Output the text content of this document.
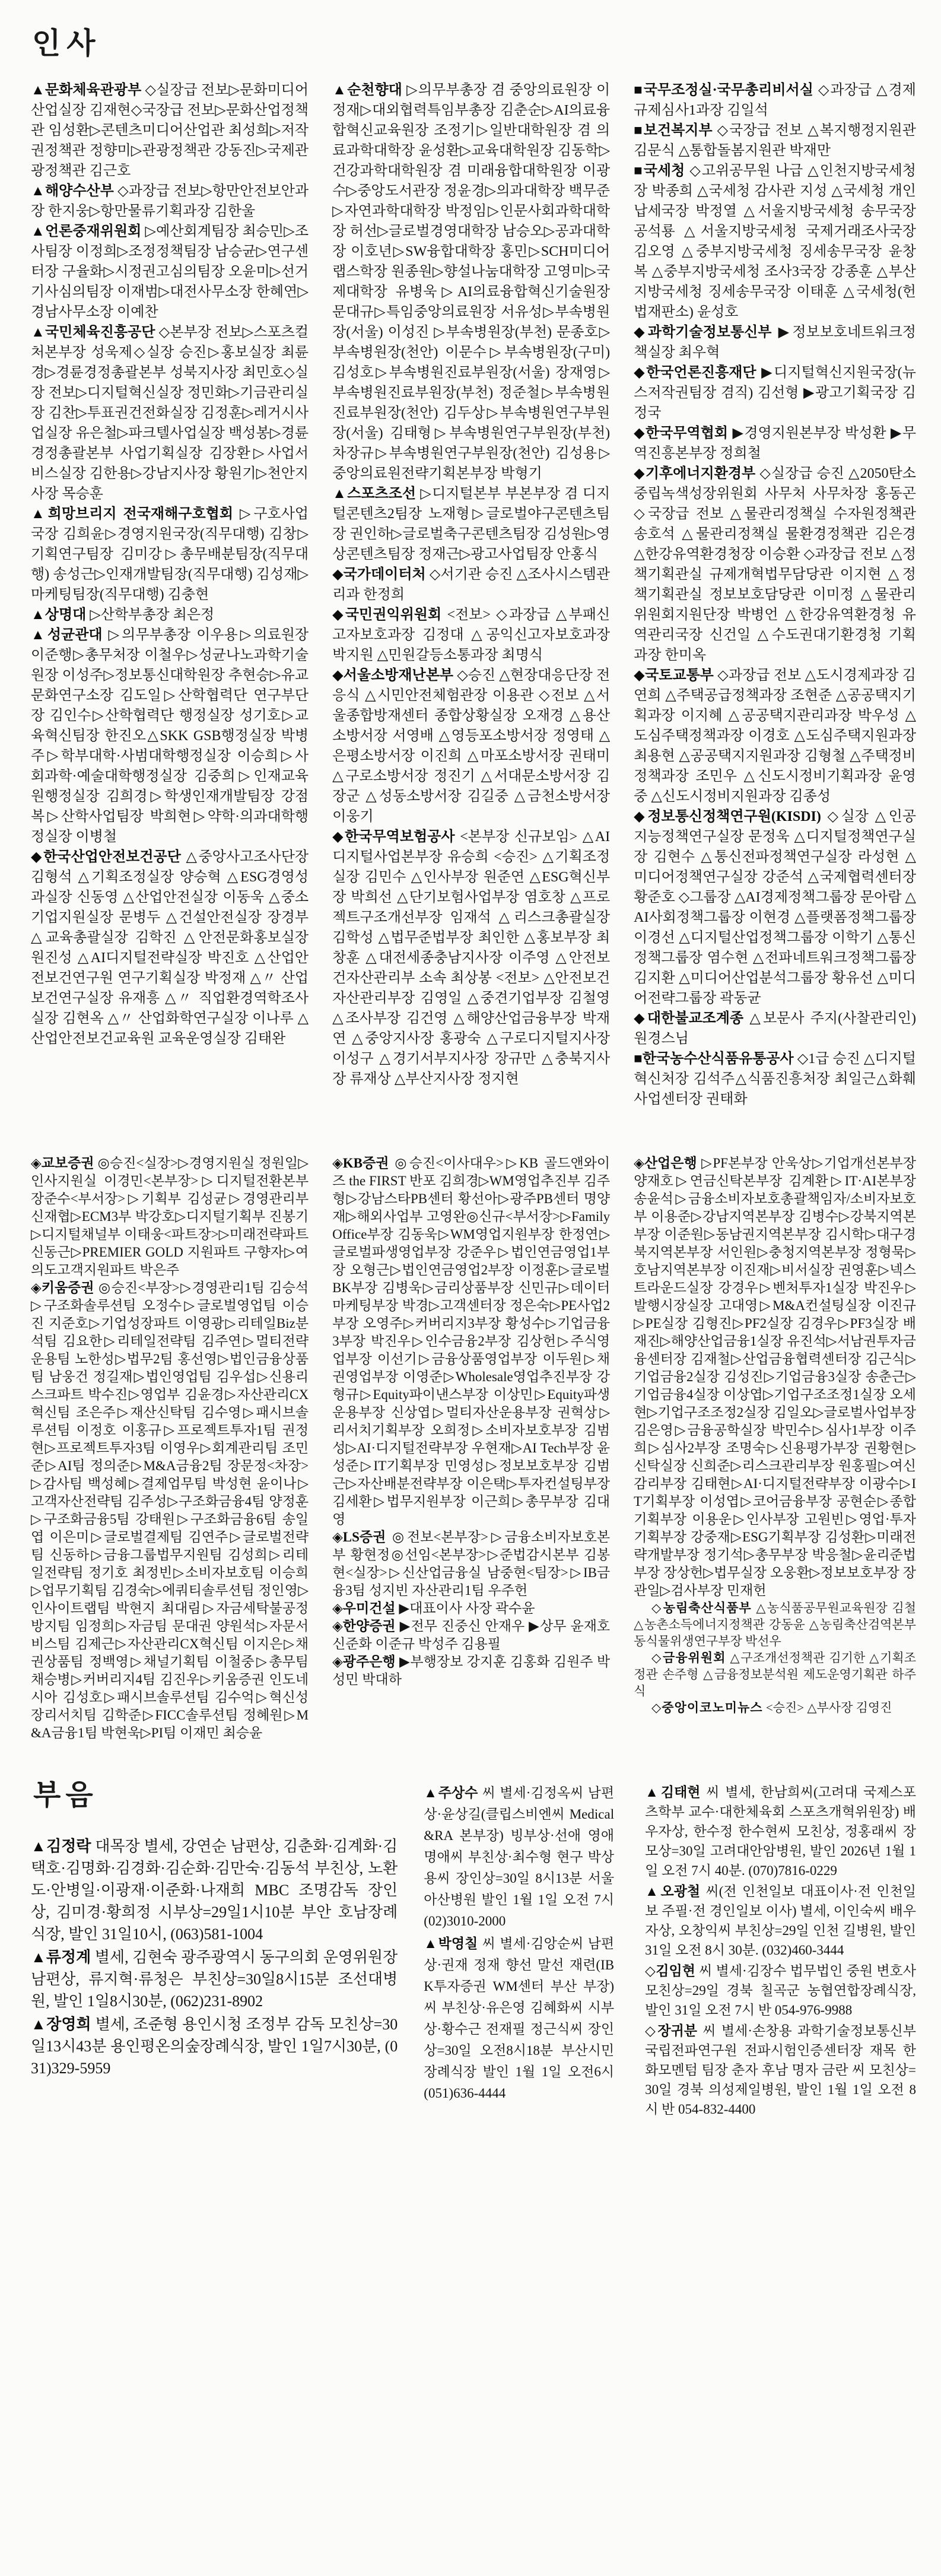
인사

▲문화체육관광부 ◇실장급 전보▷문화미디어산업실장 김재현◇국장급 전보▷문화산업정책관 임성환▷콘텐츠미디어산업관 최성희▷저작권정책관 정향미▷관광정책관 강동진▷국제관광정책관 김근호

▲해양수산부 ◇과장급 전보▷항만안전보안과장 한지웅▷항만물류기획과장 김한울

▲언론중재위원회 ▷예산회계팀장 최승민▷조사팀장 이정희▷조정정책팀장 남승균▷연구센터장 구율화▷시정권고심의팀장 오윤미▷선거기사심의팀장 이재범▷대전사무소장 한혜연▷경남사무소장 이예찬

▲국민체육진흥공단 ◇본부장 전보▷스포츠컬처본부장 성욱제◇실장 승진▷홍보실장 최륜경▷경륜경정총괄본부 성북지사장 최민호◇실장 전보▷디지털혁신실장 정민화▷기금관리실장 김찬▷투표권건전화실장 김정훈▷레거시사업실장 유은철▷파크텔사업실장 백성봉▷경륜경정총괄본부 사업기획실장 김장환▷사업서비스실장 김한용▷강남지사장 황원기▷천안지사장 목승훈

▲희망브리지 전국재해구호협회 ▷구호사업국장 김희윤▷경영지원국장(직무대행) 김창▷기획연구팀장 김미강▷총무배분팀장(직무대행) 송성근▷인재개발팀장(직무대행) 김성재▷마케팅팀장(직무대행) 김충현

▲상명대 ▷산학부총장 최은정

▲성균관대 ▷의무부총장 이우용▷의료원장 이준행▷총무처장 이철우▷성균나노과학기술원장 이성주▷정보통신대학원장 추현승▷유교문화연구소장 김도일▷산학협력단 연구부단장 김인수▷산학협력단 행정실장 성기호▷교육혁신팀장 한진오△SKK GSB행정실장 박병주▷학부대학·사범대학행정실장 이승희▷사회과학·예술대학행정실장 김중희▷인재교육원행정실장 김희경▷학생인재개발팀장 강점복▷산학사업팀장 박희현▷약학·의과대학행정실장 이병철

◆한국산업안전보건공단 △중앙사고조사단장 김형석 △기획조정실장 양승혁 △ESG경영성과실장 신동영 △산업안전실장 이동욱 △중소기업지원실장 문병두 △건설안전실장 장경부 △교육총괄실장 김학진 △안전문화홍보실장 원진성 △AI디지털전략실장 박진호 △산업안전보건연구원 연구기획실장 박정재 △〃 산업보건연구실장 유재흥 △〃 직업환경역학조사실장 김현옥 △〃 산업화학연구실장 이나루 △산업안전보건교육원 교육운영실장 김태완

▲순천향대 ▷의무부총장 겸 중앙의료원장 이정재▷대외협력특임부총장 김춘순▷AI의료융합혁신교육원장 조정기▷일반대학원장 겸 의료과학대학장 윤성환▷교육대학원장 김동학▷건강과학대학원장 겸 미래융합대학원장 이광수▷중앙도서관장 정윤경▷의과대학장 백무준 ▷자연과학대학장 박정임▷인문사회과학대학장 허선▷글로벌경영대학장 남승오▷공과대학장 이호년▷SW융합대학장 홍민▷SCH미디어랩스학장 원종원▷향설나눔대학장 고영미▷국제대학장 유병욱▷AI의료융합혁신기술원장 문대규▷특임중앙의료원장 서유성▷부속병원장(서울) 이성진 ▷부속병원장(부천) 문종호▷부속병원장(천안) 이문수▷부속병원장(구미) 김성호▷부속병원진료부원장(서울) 장재영▷부속병원진료부원장(부천) 정준철▷부속병원진료부원장(천안) 김두상▷부속병원연구부원장(서울) 김태형▷부속병원연구부원장(부천) 차장규▷부속병원연구부원장(천안) 김성용▷중앙의료원전략기획본부장 박형기

▲스포츠조선 ▷디지털본부 부본부장 겸 디지털콘텐츠2팀장 노재형▷글로벌야구콘텐츠팀장 권인하▷글로벌축구콘텐츠팀장 김성원▷영상콘텐츠팀장 정재근▷광고사업팀장 안홍식

◆국가데이터처 ◇서기관 승진 △조사시스템관리과 한정희

◆국민권익위원회 <전보> ◇과장급 △부패신고자보호과장 김정대 △공익신고자보호과장 박지원 △민원갈등소통과장 최명식

◆서울소방재난본부 ◇승진 △현장대응단장 전응식 △시민안전체험관장 이용관 ◇전보 △서울종합방재센터 종합상황실장 오재경 △용산소방서장 서영배 △영등포소방서장 정영태 △은평소방서장 이진희 △마포소방서장 권태미 △구로소방서장 정진기 △서대문소방서장 김장군 △성동소방서장 김길중 △금천소방서장 이웅기

◆한국무역보험공사 <본부장 신규보임> △AI디지털사업본부장 유승희 <승진> △기획조정실장 김민수 △인사부장 원준연 △ESG혁신부장 박희선 △단기보험사업부장 염호창 △프로젝트구조개선부장 임재석 △리스크총괄실장 김학성 △법무준법부장 최인한 △홍보부장 최창훈 △대전세종충남지사장 이주영 △안전보건자산관리부 소속 최상봉 <전보> △안전보건자산관리부장 김영일 △중견기업부장 김철영 △조사부장 김건영 △해양산업금융부장 박재연 △중앙지사장 홍광숙 △구로디지털지사장 이성구 △경기서부지사장 장규만 △충북지사장 류재상 △부산지사장 정지현

■국무조정실·국무총리비서실 ◇과장급 △경제규제심사1과장 김일석

■보건복지부 ◇국장급 전보 △복지행정지원관 김문식 △통합돌봄지원관 박재만

■국세청 ◇고위공무원 나급 △인천지방국세청장 박종희 △국세청 감사관 지성 △국세청 개인납세국장 박정열 △서울지방국세청 송무국장 공석룡 △서울지방국세청 국제거래조사국장 김오영 △중부지방국세청 징세송무국장 윤창복 △중부지방국세청 조사3국장 강종훈 △부산지방국세청 징세송무국장 이태훈 △국세청(헌법재판소) 윤성호

◆과학기술정보통신부 ▶정보보호네트워크정책실장 최우혁

◆한국언론진흥재단 ▶디지털혁신지원국장(뉴스저작권팀장 겸직) 김선형 ▶광고기획국장 김정국

◆한국무역협회 ▶경영지원본부장 박성환 ▶무역진흥본부장 정희철

◆기후에너지환경부 ◇실장급 승진 △2050탄소중립녹색성장위원회 사무처 사무차장 홍동곤 ◇국장급 전보 △물관리정책실 수자원정책관 송호석 △물관리정책실 물환경정책관 김은경 △한강유역환경청장 이승환 ◇과장급 전보 △정책기획관실 규제개혁법무담당관 이지현 △정책기획관실 정보보호담당관 이미정 △물관리위원회지원단장 박병언 △한강유역환경청 유역관리국장 신건일 △수도권대기환경청 기획과장 한미옥

◆국토교통부 ◇과장급 전보 △도시경제과장 김연희 △주택공급정책과장 조현준 △공공택지기획과장 이지혜 △공공택지관리과장 박우성 △도심주택정책과장 이경호 △도심주택지원과장 최용현 △공공택지지원과장 김형철 △주택정비정책과장 조민우 △신도시정비기획과장 윤영중 △신도시정비지원과장 김종성

◆정보통신정책연구원(KISDI) ◇실장 △인공지능정책연구실장 문정욱 △디지털정책연구실장 김현수 △통신전파정책연구실장 라성현 △미디어정책연구실장 강준석 △국제협력센터장 황준호 ◇그룹장 △AI경제정책그룹장 문아람 △AI사회정책그룹장 이현경 △플랫폼정책그룹장 이경선 △디지털산업정책그룹장 이학기 △통신정책그룹장 염수현 △전파네트워크정책그룹장 김지환 △미디어산업분석그룹장 황유선 △미디어전략그룹장 곽동균

◆대한불교조계종 △보문사 주지(사찰관리인) 원경스님

■한국농수산식품유통공사 ◇1급 승진 △디지털혁신처장 김석주△식품진흥처장 최일근△화훼사업센터장 권태화

◈교보증권 ◎승진<실장>▷경영지원실 정원일▷인사지원실 이경민<본부장>▷디지털전환본부 장준수<부서장>▷기획부 김성균▷경영관리부 신재협▷ECM3부 박강호▷디지털기획부 진봉기▷디지털채널부 이태웅<파트장>▷미래전략파트 신동근▷PREMIER GOLD 지원파트 구향자▷여의도고객지원파트 박은주

◈키움증권 ◎승진<부장>▷경영관리1팀 김승석▷구조화솔루션팀 오정수▷글로벌영업팀 이승진 지준호▷기업성장파트 이영광▷리테일Biz분석팀 김요한▷리테일전략팀 김주연▷멀티전략운용팀 노한성▷법무2팀 홍선영▷법인금융상품팀 남웅건 정길재▷법인영업팀 김우섭▷신용리스크파트 박수진▷영업부 김윤경▷자산관리CX혁신팀 조은주▷재산신탁팀 김수영▷패시브솔루션팀 이정호 이홍규▷프로젝트투자1팀 권정현▷프로젝트투자3팀 이영우▷회계관리팀 조민준▷AI팀 정의준▷M&A금융2팀 장문정<차장>▷감사팀 백성혜▷결제업무팀 박성현 윤이나▷고객자산전략팀 김주성▷구조화금융4팀 양정훈▷구조화금융5팀 강태원▷구조화금융6팀 송일엽 이은미▷글로벌결제팀 김연주▷글로벌전략팀 신동하▷금융그룹법무지원팀 김성희▷리테일전략팀 정기호 최정빈▷소비자보호팀 이승희▷업무기획팀 김경숙▷에쿼티솔루션팀 정인영▷인사이트랩팀 박현지 최대림▷자금세탁불공정방지팀 임정희▷자금팀 문대권 양원석▷자문서비스팀 김제근▷자산관리CX혁신팀 이지은▷채권상품팀 정백영▷채널기획팀 이철중▷총무팀 채승병▷커버리지4팀 김진우▷키움증권 인도네시아 김성호▷패시브솔루션팀 김수억▷혁신성장리서치팀 김학준▷FICC솔루션팀 정혜원▷M&A금융1팀 박현욱▷PI팀 이재민 최승윤

◈KB증권 ◎승진<이사대우>▷KB 골드앤와이즈 the FIRST 반포 김희경▷WM영업추진부 김주형▷강남스타PB센터 황선아▷광주PB센터 명양재▷해외사업부 고영완◎신규<부서장>▷Family Office부장 김동욱▷WM영업지원부장 한정연▷글로벌파생영업부장 강준우▷법인연금영업1부장 오형근▷법인연금영업2부장 이정훈▷글로벌BK부장 김병욱▷금리상품부장 신민규▷데이터마케팅부장 박경▷고객센터장 정은숙▷PE사업2부장 오영주▷커버리지3부장 황성수▷기업금융3부장 박진우▷인수금융2부장 김상헌▷주식영업부장 이선기▷금융상품영업부장 이두원▷채권영업부장 이영준▷Wholesale영업추진부장 강형규▷Equity파이낸스부장 이상민▷Equity파생운용부장 신상엽▷멀티자산운용부장 권혁상▷리서치기획부장 오희정▷소비자보호부장 김범성▷AI·디지털전략부장 우현재▷AI Tech부장 윤성준▷IT기획부장 민영성▷정보보호부장 김범근▷자산배분전략부장 이은택▷투자컨설팅부장 김세환▷법무지원부장 이근희▷총무부장 김대영

◈LS증권 ◎전보<본부장>▷금융소비자보호본부 황현정◎선임<본부장>▷준법감시본부 김봉현<실장>▷신산업금융실 남중현<팀장>▷IB금융3팀 성지빈 자산관리1팀 우주헌

◈우미건설 ▶대표이사 사장 곽수윤

◈한양증권 ▶전무 진중신 안재우 ▶상무 윤재호 신준화 이준규 박성주 김용필

◈광주은행 ▶부행장보 강지훈 김홍화 김원주 박성민 박대하

◈산업은행 ▷PF본부장 안욱상▷기업개선본부장 양재호▷연금신탁본부장 김계환▷IT·AI본부장 송윤석▷금융소비자보호총괄책임자/소비자보호부 이용준▷강남지역본부장 김병수▷강북지역본부장 이준원▷동남권지역본부장 김시학▷대구경북지역본부장 서인원▷충청지역본부장 정형묵▷호남지역본부장 이진재▷비서실장 권영훈▷넥스트라운드실장 강경우▷벤처투자1실장 박진우▷발행시장실장 고대영▷M&A컨설팅실장 이진규▷PE실장 김형진▷PF2실장 김경우▷PF3실장 배재진▷해양산업금융1실장 유진석▷서남권투자금융센터장 김재철▷산업금융협력센터장 김근식▷기업금융2실장 김성진▷기업금융3실장 송춘근▷기업금융4실장 이상엽▷기업구조조정1실장 오세현▷기업구조조정2실장 김일오▷글로벌사업부장 김은영▷금융공학실장 박민수▷심사1부장 이주희▷심사2부장 조명숙▷신용평가부장 권황현▷신탁실장 신희준▷리스크관리부장 원홍필▷여신감리부장 김태현▷AI·디지털전략부장 이광수▷IT기획부장 이성엽▷코어금융부장 공현순▷종합기획부장 이용운▷인사부장 고원빈▷영업·투자기획부장 강중재▷ESG기획부장 김성환▷미래전략개발부장 정기석▷총무부장 박응철▷윤리준법부장 장상헌▷법무실장 오웅환▷정보보호부장 장관일▷검사부장 민재헌

◇농림축산식품부 △농식품공무원교육원장 김철 △농촌소득에너지정책관 강동윤 △농림축산검역본부 동식물위생연구부장 박선우

◇금융위원회 △구조개선정책관 김기한 △기획조정관 손주형 △금융정보분석원 제도운영기획관 하주식

◇중앙이코노미뉴스 <승진> △부사장 김영진

부음

▲김정락 대목장 별세, 강연순 남편상, 김춘화·김계화·김택호·김명화·김경화·김순화·김만숙·김동석 부친상, 노환도·안병일·이광재·이준화·나재희 MBC 조명감독 장인상, 김미경·황희정 시부상=29일1시10분 부안 호남장례식장, 발인 31일10시, (063)581-1004

▲류정계 별세, 김현숙 광주광역시 동구의회 운영위원장 남편상, 류지혁·류청은 부친상=30일8시15분 조선대병원, 발인 1일8시30분, (062)231-8902

▲장영희 별세, 조준형 용인시청 조정부 감독 모친상=30일13시43분 용인평온의숲장례식장, 발인 1일7시30분, (031)329-5959

▲주상수 씨 별세·김정옥씨 남편상·윤상길(클립스비엔씨 Medical&RA 본부장) 빙부상·선애 영애 명애씨 부친상·최수형 현구 박상용씨 장인상=30일 8시13분 서울아산병원 발인 1월 1일 오전 7시 (02)3010-2000

▲박영칠 씨 별세·김앙순씨 남편상·권재 정재 향선 말선 재련(IBK투자증권 WM센터 부산 부장)씨 부친상·유은영 김혜화씨 시부상·황수근 전재필 정근식씨 장인상=30일 오전8시18분 부산시민장례식장 발인 1월 1일 오전6시 (051)636-4444

▲김태현 씨 별세, 한남희씨(고려대 국제스포츠학부 교수·대한체육회 스포츠개혁위원장) 배우자상, 한수정 한수현씨 모친상, 정홍래씨 장모상=30일 고려대안암병원, 발인 2026년 1월 1일 오전 7시 40분. (070)7816-0229

▲오광철 씨(전 인천일보 대표이사·전 인천일보 주필·전 경인일보 이사) 별세, 이인숙씨 배우자상, 오창익씨 부친상=29일 인천 길병원, 발인 31일 오전 8시 30분. (032)460-3444

◇김임현 씨 별세·김장수 법무법인 중원 변호사 모친상=29일 경북 칠곡군 농협연합장례식장, 발인 31일 오전 7시 반 054-976-9988

◇장귀분 씨 별세·손창용 과학기술정보통신부 국립전파연구원 전파시험인증센터장 재목 한화모멘텀 팀장 춘자 후남 명자 금란 씨 모친상=30일 경북 의성제일병원, 발인 1월 1일 오전 8시 반 054-832-4400
